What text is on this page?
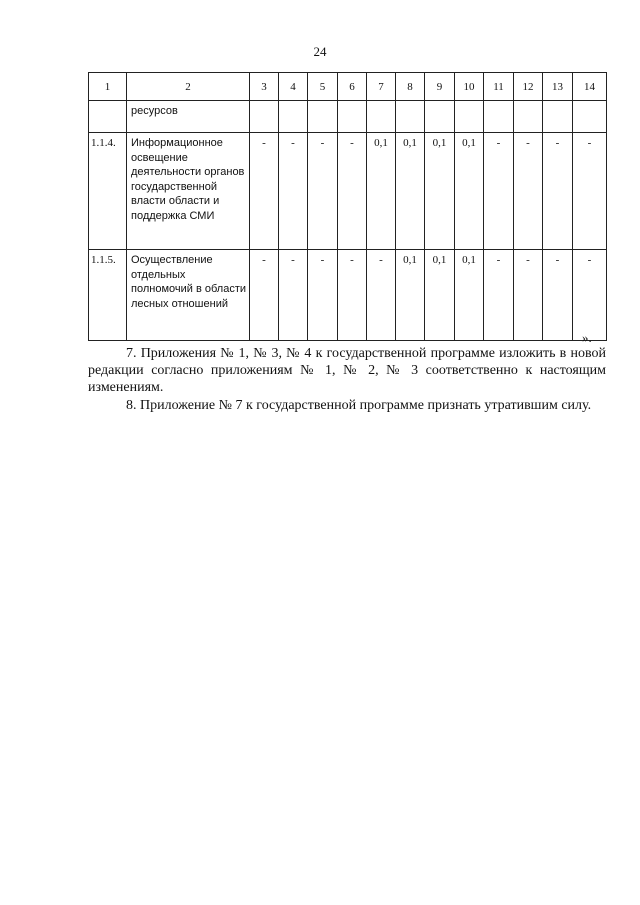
24
1	2	3	4	5	6	7	8	9	10	11	12	13	14
	ресурсов												
1.1.4.	Информационное освещение деятельности органов государственной власти области и поддержка СМИ	-	-	-	-	0,1	0,1	0,1	0,1	-	-	-	-
1.1.5.	Осуществление отдельных полномочий в области лесных отношений	-	-	-	-	-	0,1	0,1	0,1	-	-	-	-
».

7. Приложения № 1, № 3, № 4 к государственной программе изложить в новой редакции согласно приложениям № 1, № 2, № 3 соответственно к настоящим изменениям.

8. Приложение № 7 к государственной программе признать утратившим силу.
